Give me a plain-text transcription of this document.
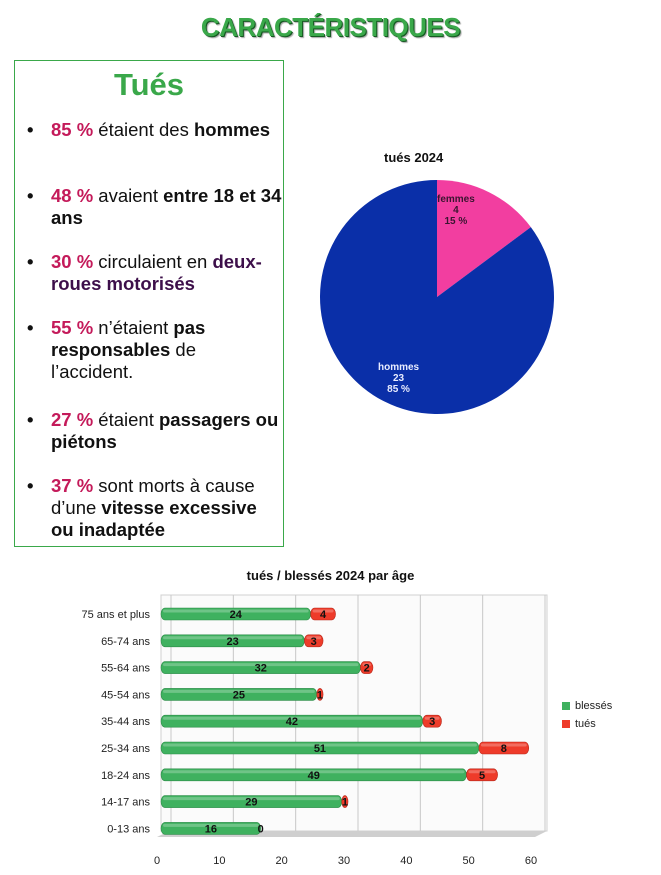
CARACTÉRISTIQUES
Tués
• 85 % étaient des hommes
• 48 % avaient entre 18 et 34 ans
• 30 % circulaient en deux-roues motorisés
• 55 % n’étaient pas responsables de l’accident.
• 27 % étaient passagers ou piétons
• 37 % sont morts à cause d’une vitesse excessive ou inadaptée
tués 2024
femmes
4
15 %
hommes
23
85 %
tués / blessés 2024 par âge
0	10	20	30	40	50	60
75 ans et plus	24	4
65-74 ans	23	3
55-64 ans	32	2
45-54 ans	25	1
35-44 ans	42	3
25-34 ans	51	8
18-24 ans	49	5
14-17 ans	29	1
0-13 ans	16	0
blessés
tués
